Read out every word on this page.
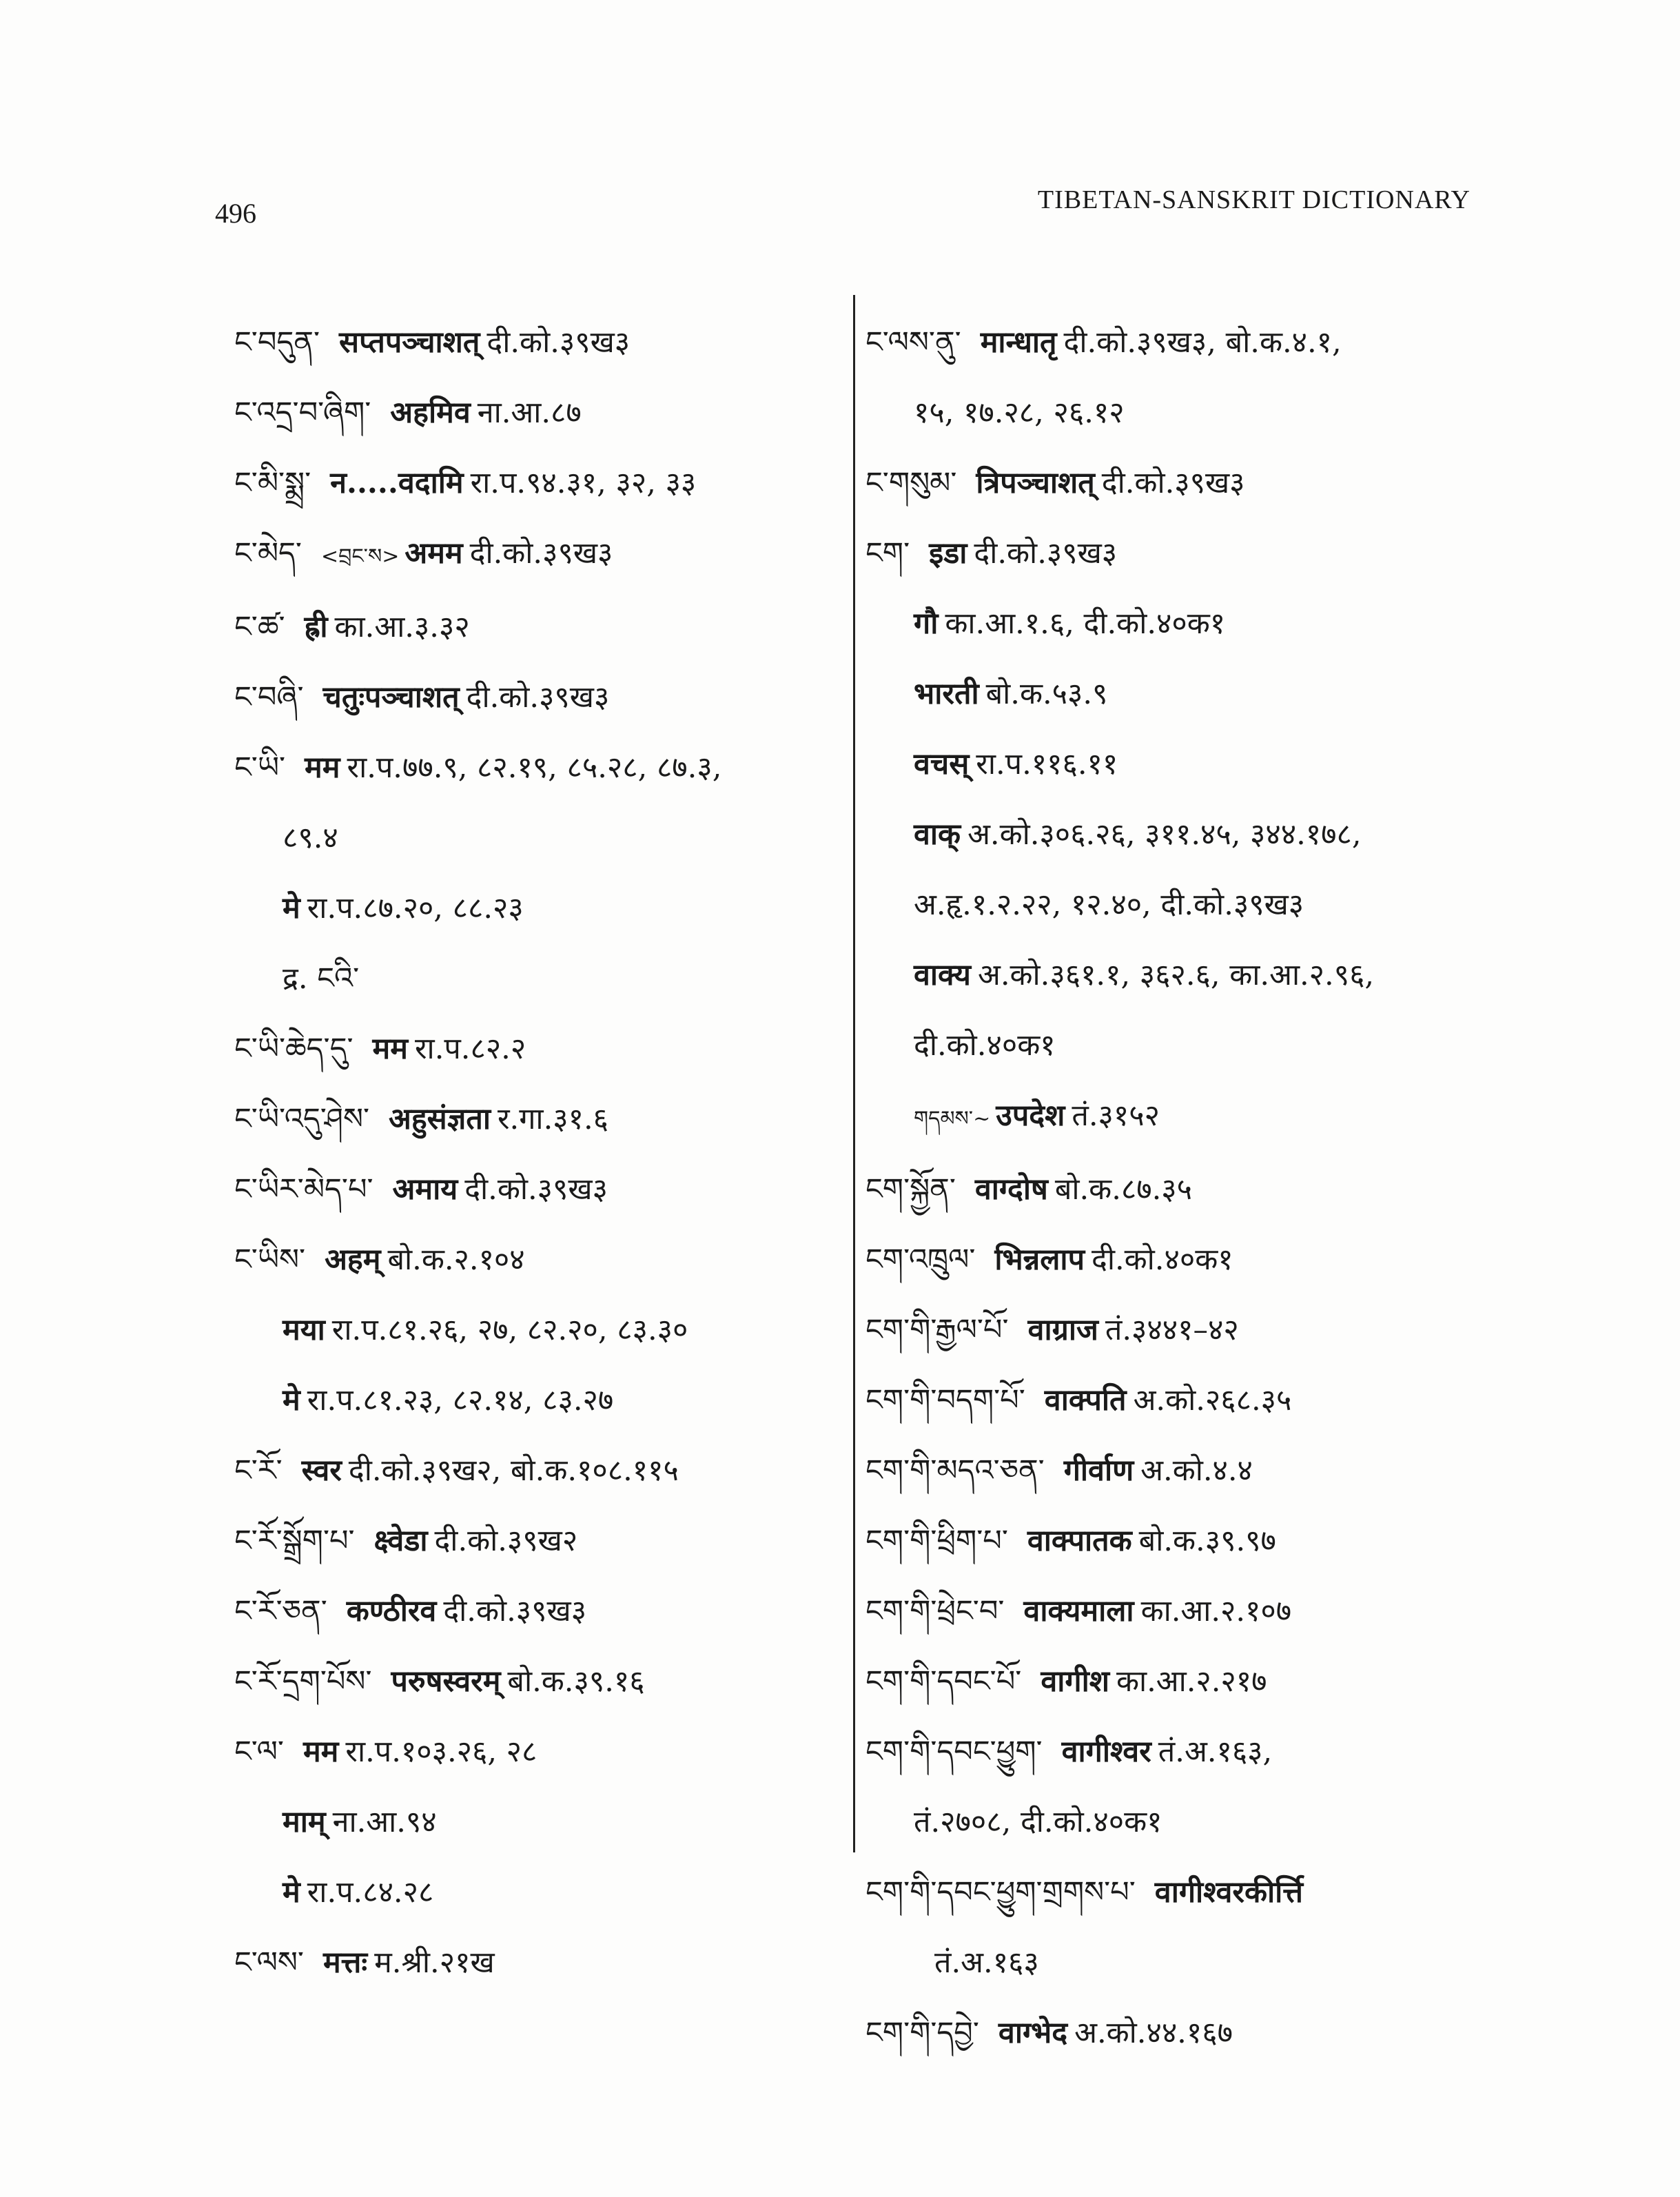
496	TIBETAN-SANSKRIT DICTIONARY
ང་བདུན་ सप्तपञ्चाशत् दी.को.३९ख३
ང་འདྲ་བ་ཞིག་ अहमिव ना.आ.८७
ང་མི་སྨྲ་ न.....वदामि रा.प.९४.३१, ३२, ३३
ང་མེད་ <བྲང་ས> अमम दी.को.३९ख३
ང་ཚ་ ह्री का.आ.३.३२
ང་བཞི་ चतुःपञ्चाशत् दी.को.३९ख३
ང་ཡི་ मम रा.प.७७.९, ८२.१९, ८५.२८, ८७.३,
८९.४
मे रा.प.८७.२०, ८८.२३
द्र. ངའི་
ང་ཡི་ཆེད་དུ་ मम रा.प.८२.२
ང་ཡི་འདུ་ཤེས་ अहुसंज्ञता र.गा.३१.६
ང་ཡིར་མེད་པ་ अमाय दी.को.३९ख३
ང་ཡིས་ अहम् बो.क.२.१०४
मया रा.प.८१.२६, २७, ८२.२०, ८३.३०
मे रा.प.८१.२३, ८२.१४, ८३.२७
ང་རོ་ स्वर दी.को.३९ख२, बो.क.१०८.११५
ང་རོ་སྒྲོག་པ་ क्ष्वेडा दी.को.३९ख२
ང་རོ་ཅན་ कण्ठीरव दी.को.३९ख३
ང་རོ་དྲག་པོས་ परुषस्वरम् बो.क.३९.१६
ང་ལ་ मम रा.प.१०३.२६, २८
माम् ना.आ.९४
मे रा.प.८४.२८
ང་ལས་ मत्तः म.श्री.२१ख
ང་ལས་ནུ་ मान्धातृ दी.को.३९ख३, बो.क.४.१,
१५, १७.२८, २६.१२
ང་གསུམ་ त्रिपञ्चाशत् दी.को.३९ख३
ངག་ इडा दी.को.३९ख३
गौ का.आ.१.६, दी.को.४०क१
भारती बो.क.५३.९
वचस् रा.प.११६.११
वाक् अ.को.३०६.२६, ३११.४५, ३४४.१७८,
अ.हृ.१.२.२२, १२.४०, दी.को.३९ख३
वाक्य अ.को.३६१.१, ३६२.६, का.आ.२.९६,
दी.को.४०क१
གདམས་~ उपदेश तं.३१५२
ངག་སྐྱོན་ वाग्दोष बो.क.८७.३५
ངག་འཁྲུལ་ भिन्नलाप दी.को.४०क१
ངག་གི་རྒྱལ་པོ་ वाग्राज तं.३४४१–४२
ངག་གི་བདག་པོ་ वाक्पति अ.को.२६८.३५
ངག་གི་མདའ་ཅན་ गीर्वाण अ.को.४.४
ངག་གི་ཕྲིག་པ་ वाक्पातक बो.क.३९.९७
ངག་གི་ཕྲེང་བ་ वाक्यमाला का.आ.२.१०७
ངག་གི་དབང་པོ་ वागीश का.आ.२.२१७
ངག་གི་དབང་ཕྱུག་ वागीश्वर तं.अ.१६३,
तं.२७०८, दी.को.४०क१
ངག་གི་དབང་ཕྱུག་གྲགས་པ་ वागीश्वरकीर्त्ति
तं.अ.१६३
ངག་གི་དབྱེ་ वाग्भेद अ.को.४४.१६७
